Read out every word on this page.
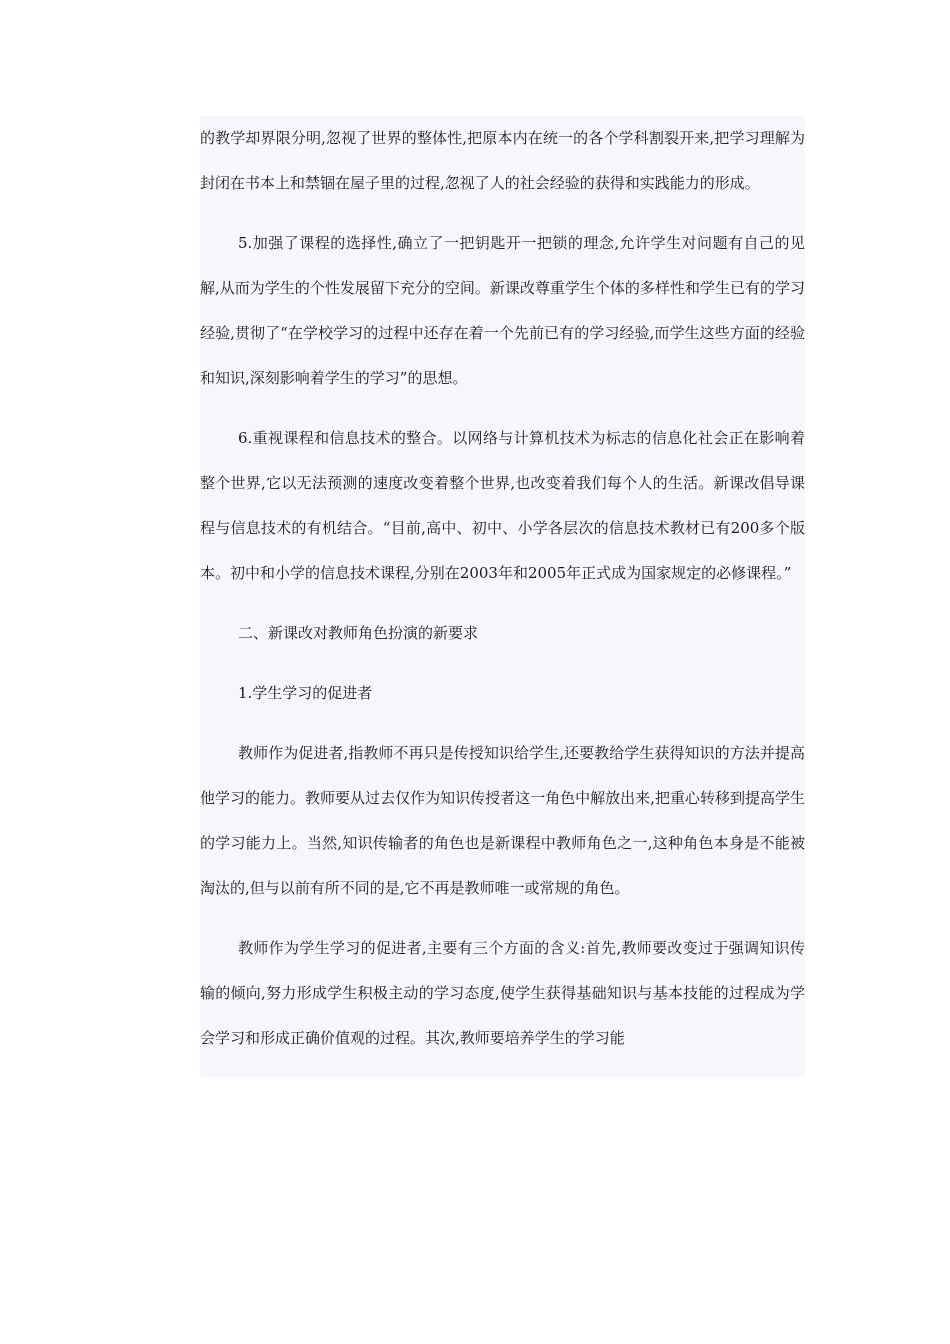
的教学却界限分明,忽视了世界的整体性,把原本内在统一的各个学科割裂开来,把学习理解为封闭在书本上和禁锢在屋子里的过程,忽视了人的社会经验的获得和实践能力的形成。

5.加强了课程的选择性,确立了一把钥匙开一把锁的理念,允许学生对问题有自己的见解,从而为学生的个性发展留下充分的空间。新课改尊重学生个体的多样性和学生已有的学习经验,贯彻了“在学校学习的过程中还存在着一个先前已有的学习经验,而学生这些方面的经验和知识,深刻影响着学生的学习”的思想。

6.重视课程和信息技术的整合。以网络与计算机技术为标志的信息化社会正在影响着整个世界,它以无法预测的速度改变着整个世界,也改变着我们每个人的生活。新课改倡导课程与信息技术的有机结合。“目前,高中、初中、小学各层次的信息技术教材已有200多个版本。初中和小学的信息技术课程,分别在2003年和2005年正式成为国家规定的必修课程。”

二、新课改对教师角色扮演的新要求

1.学生学习的促进者

教师作为促进者,指教师不再只是传授知识给学生,还要教给学生获得知识的方法并提高他学习的能力。教师要从过去仅作为知识传授者这一角色中解放出来,把重心转移到提高学生的学习能力上。当然,知识传输者的角色也是新课程中教师角色之一,这种角色本身是不能被淘汰的,但与以前有所不同的是,它不再是教师唯一或常规的角色。

教师作为学生学习的促进者,主要有三个方面的含义:首先,教师要改变过于强调知识传输的倾向,努力形成学生积极主动的学习态度,使学生获得基础知识与基本技能的过程成为学会学习和形成正确价值观的过程。其次,教师要培养学生的学习能
